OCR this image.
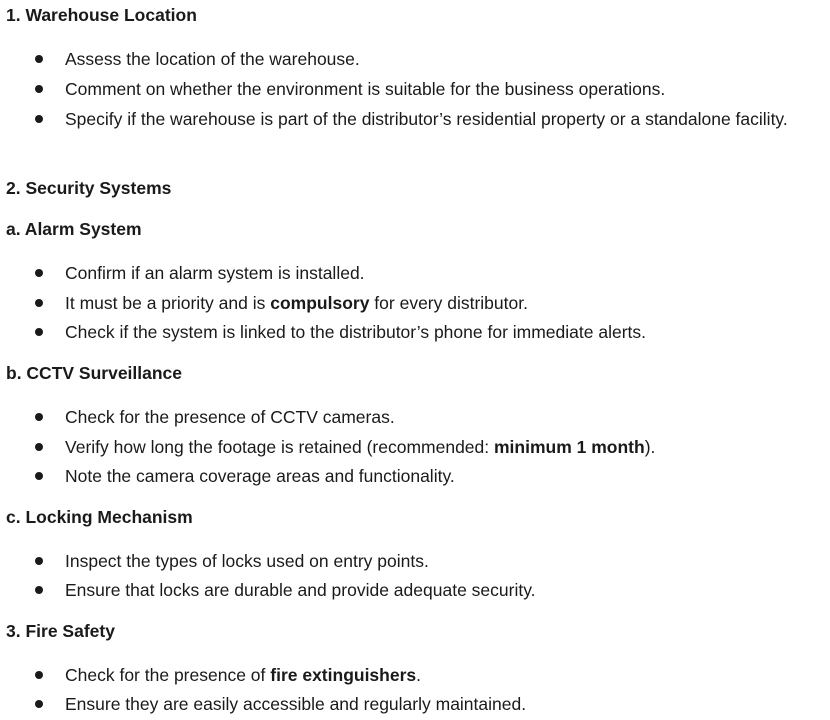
1. Warehouse Location
Assess the location of the warehouse.
Comment on whether the environment is suitable for the business operations.
Specify if the warehouse is part of the distributor’s residential property or a standalone facility.
2. Security Systems
a. Alarm System
Confirm if an alarm system is installed.
It must be a priority and is compulsory for every distributor.
Check if the system is linked to the distributor’s phone for immediate alerts.
b. CCTV Surveillance
Check for the presence of CCTV cameras.
Verify how long the footage is retained (recommended: minimum 1 month).
Note the camera coverage areas and functionality.
c. Locking Mechanism
Inspect the types of locks used on entry points.
Ensure that locks are durable and provide adequate security.
3. Fire Safety
Check for the presence of fire extinguishers.
Ensure they are easily accessible and regularly maintained.
